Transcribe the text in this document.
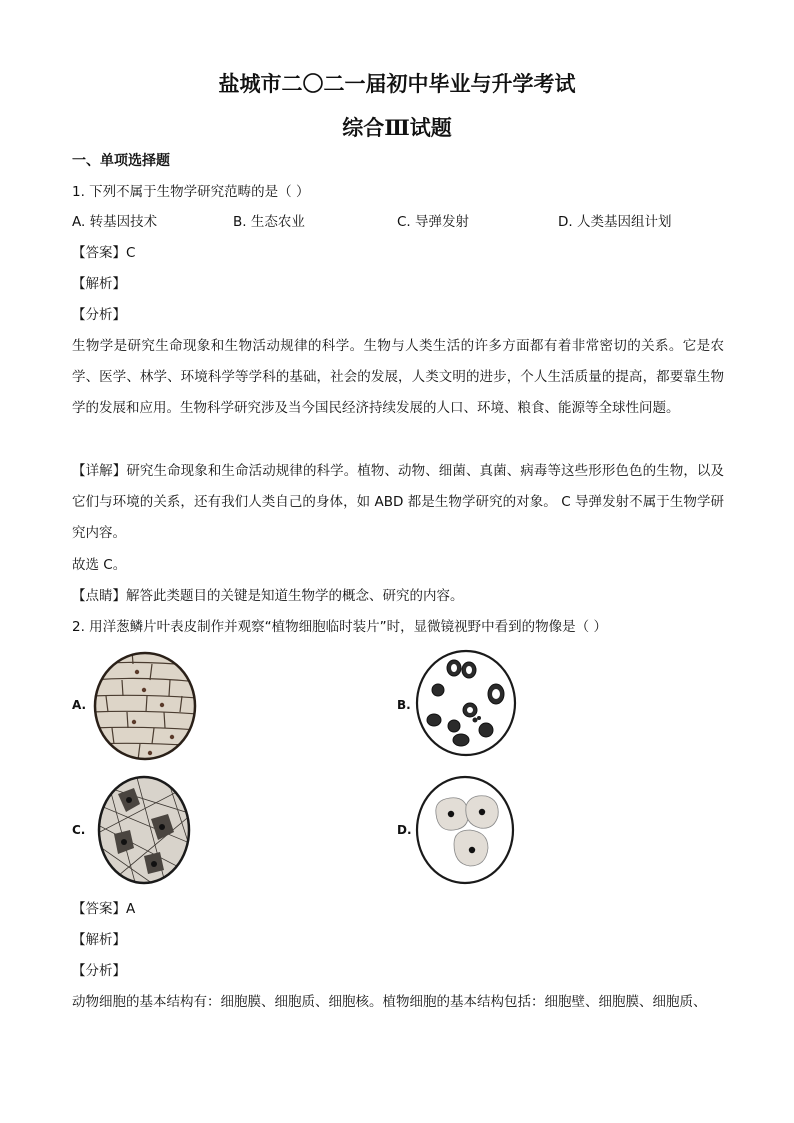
盐城市二〇二一届初中毕业与升学考试
综合Ⅲ试题
一、单项选择题
1. 下列不属于生物学研究范畴的是（ ）
A. 转基因技术	B. 生态农业	C. 导弹发射	D. 人类基因组计划
【答案】C
【解析】
【分析】
生物学是研究生命现象和生物活动规律的科学。生物与人类生活的许多方面都有着非常密切的关系。它是农学、医学、林学、环境科学等学科的基础，社会的发展，人类文明的进步，个人生活质量的提高，都要靠生物学的发展和应用。生物科学研究涉及当今国民经济持续发展的人口、环境、粮食、能源等全球性问题。
【详解】研究生命现象和生命活动规律的科学。植物、动物、细菌、真菌、病毒等这些形形色色的生物，以及它们与环境的关系，还有我们人类自己的身体，如 ABD 都是生物学研究的对象。 C 导弹发射不属于生物学研究内容。
故选 C。
【点睛】解答此类题目的关键是知道生物学的概念、研究的内容。
2. 用洋葱鳞片叶表皮制作并观察“植物细胞临时装片”时，显微镜视野中看到的物像是（ ）
A.	B.
C.	D.
【答案】A
【解析】
【分析】
动物细胞的基本结构有：细胞膜、细胞质、细胞核。植物细胞的基本结构包括：细胞壁、细胞膜、细胞质、
